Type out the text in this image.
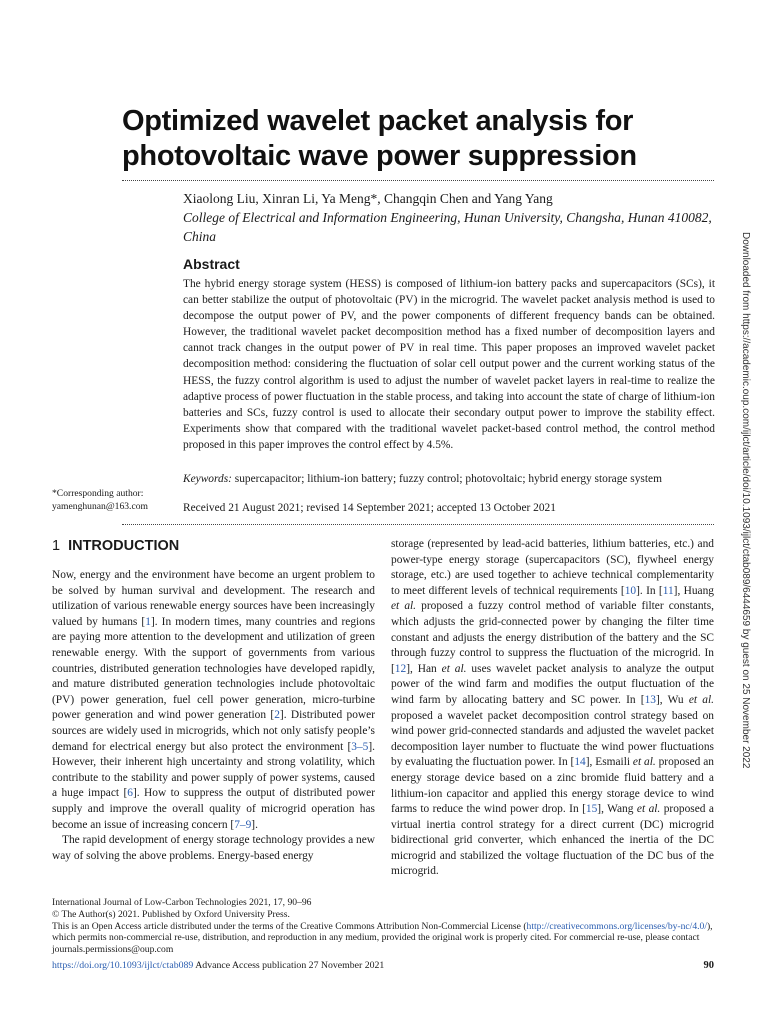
Optimized wavelet packet analysis for
photovoltaic wave power suppression
Xiaolong Liu, Xinran Li, Ya Meng*, Changqin Chen and Yang Yang
College of Electrical and Information Engineering, Hunan University, Changsha, Hunan 410082, China
Abstract
The hybrid energy storage system (HESS) is composed of lithium-ion battery packs and supercapacitors (SCs), it can better stabilize the output of photovoltaic (PV) in the microgrid. The wavelet packet analysis method is used to decompose the output power of PV, and the power components of different frequency bands can be obtained. However, the traditional wavelet packet decomposition method has a fixed number of decomposition layers and cannot track changes in the output power of PV in real time. This paper proposes an improved wavelet packet decomposition method: considering the fluctuation of solar cell output power and the current working status of the HESS, the fuzzy control algorithm is used to adjust the number of wavelet packet layers in real-time to realize the adaptive process of power fluctuation in the stable process, and taking into account the state of charge of lithium-ion batteries and SCs, fuzzy control is used to allocate their secondary output power to improve the stability effect. Experiments show that compared with the traditional wavelet packet-based control method, the control method proposed in this paper improves the control effect by 4.5%.
Keywords: supercapacitor; lithium-ion battery; fuzzy control; photovoltaic; hybrid energy storage system
*Corresponding author:
yamenghunan@163.com	Received 21 August 2021; revised 14 September 2021; accepted 13 October 2021
1 INTRODUCTION

Now, energy and the environment have become an urgent problem to be solved by human survival and development. The research and utilization of various renewable energy sources have been increasingly valued by humans [1]. In modern times, many countries and regions are paying more attention to the development and utilization of green renewable energy. With the support of governments from various countries, distributed generation technologies have developed rapidly, and mature distributed generation technologies include photovoltaic (PV) power generation, fuel cell power generation, micro-turbine power generation and wind power generation [2]. Distributed power sources are widely used in microgrids, which not only satisfy people’s demand for electrical energy but also protect the environment [3–5]. However, their inherent high uncertainty and strong volatility, which contribute to the stability and power supply of power systems, caused a huge impact [6]. How to suppress the output of distributed power supply and improve the overall quality of microgrid operation has become an issue of increasing concern [7–9].

The rapid development of energy storage technology provides a new way of solving the above problems. Energy-based energy

storage (represented by lead-acid batteries, lithium batteries, etc.) and power-type energy storage (supercapacitors (SC), flywheel energy storage, etc.) are used together to achieve technical complementarity to meet different levels of technical requirements [10]. In [11], Huang et al. proposed a fuzzy control method of variable filter constants, which adjusts the grid-connected power by changing the filter time constant and adjusts the energy distribution of the battery and the SC through fuzzy control to suppress the fluctuation of the microgrid. In [12], Han et al. uses wavelet packet analysis to analyze the output power of the wind farm and modifies the output fluctuation of the wind farm by allocating battery and SC power. In [13], Wu et al. proposed a wavelet packet decomposition control strategy based on wind power grid-connected standards and adjusted the wavelet packet decomposition layer number to fluctuate the wind power fluctuations by evaluating the fluctuation power. In [14], Esmaili et al. proposed an energy storage device based on a zinc bromide fluid battery and a lithium-ion capacitor and applied this energy storage device to wind farms to reduce the wind power drop. In [15], Wang et al. proposed a virtual inertia control strategy for a direct current (DC) microgrid bidirectional grid converter, which enhanced the inertia of the DC microgrid and stabilized the voltage fluctuation of the DC bus of the microgrid.

International Journal of Low-Carbon Technologies 2021, 17, 90–96

© The Author(s) 2021. Published by Oxford University Press.

This is an Open Access article distributed under the terms of the Creative Commons Attribution Non-Commercial License (http://creativecommons.org/licenses/by-nc/4.0/), which permits non-commercial re-use, distribution, and reproduction in any medium, provided the original work is properly cited. For commercial re-use, please contact journals.permissions@oup.com

https://doi.org/10.1093/ijlct/ctab089 Advance Access publication 27 November 2021	90
Downloaded from https://academic.oup.com/ijlct/article/doi/10.1093/ijlct/ctab089/6444659 by guest on 25 November 2022
